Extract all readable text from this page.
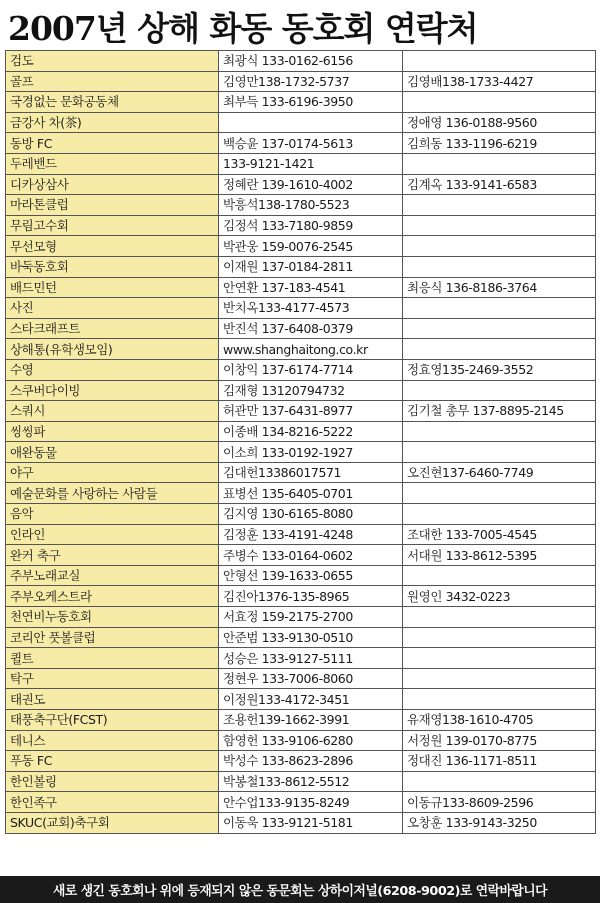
2007년 상해 화동 동호회 연락처
검도	최광식 133-0162-6156	
골프	김영만138-1732-5737	김영배138-1733-4427
국경없는 문화공동체	최부득 133-6196-3950	
금강사 차(茶)		정애영 136-0188-9560
동방 FC	백승윤 137-0174-5613	김희동 133-1196-6219
두레밴드	133-9121-1421	
디카상삼사	정혜란 139-1610-4002	김계옥 133-9141-6583
마라톤클럽	박흥석138-1780-5523	
무림고수회	김정석 133-7180-9859	
무선모형	박관웅 159-0076-2545	
바둑동호회	이재원 137-0184-2811	
배드민턴	안연환 137-183-4541	최응식 136-8186-3764
사진	반치옥133-4177-4573	
스타크래프트	반진석 137-6408-0379	
상해통(유학생모임)	www.shanghaitong.co.kr	
수영	이창익 137-6174-7714	정효영135-2469-3552
스쿠버다이빙	김재형 13120794732	
스쿼시	허관만 137-6431-8977	김기철 총무 137-8895-2145
씽씽파	이종배 134-8216-5222	
애완동물	이소희 133-0192-1927	
야구	김대헌13386017571	오진현137-6460-7749
예술문화를 사랑하는 사람들	표병선 135-6405-0701	
음악	김지영 130-6165-8080	
인라인	김정훈 133-4191-4248	조대한 133-7005-4545
완커 축구	주병수 133-0164-0602	서대원 133-8612-5395
주부노래교실	안형선 139-1633-0655	
주부오케스트라	김진아1376-135-8965	원영인 3432-0223
천연비누동호회	서효정 159-2175-2700	
코리안 풋볼클럽	안준범 133-9130-0510	
퀼트	성승은 133-9127-5111	
탁구	정현우 133-7006-8060	
태권도	이정원133-4172-3451	
태풍축구단(FCST)	조용헌139-1662-3991	유재영138-1610-4705
테니스	함영헌 133-9106-6280	서정원 139-0170-8775
푸동 FC	박성수 133-8623-2896	정대진 136-1171-8511
한인볼링	박봉철133-8612-5512	
한인족구	안수업133-9135-8249	이동규133-8609-2596
SKUC(교회)축구회	이동욱 133-9121-5181	오창훈 133-9143-3250
새로 생긴 동호회나 위에 등재되지 않은 동문회는 상하이저널(6208-9002)로 연락바랍니다
